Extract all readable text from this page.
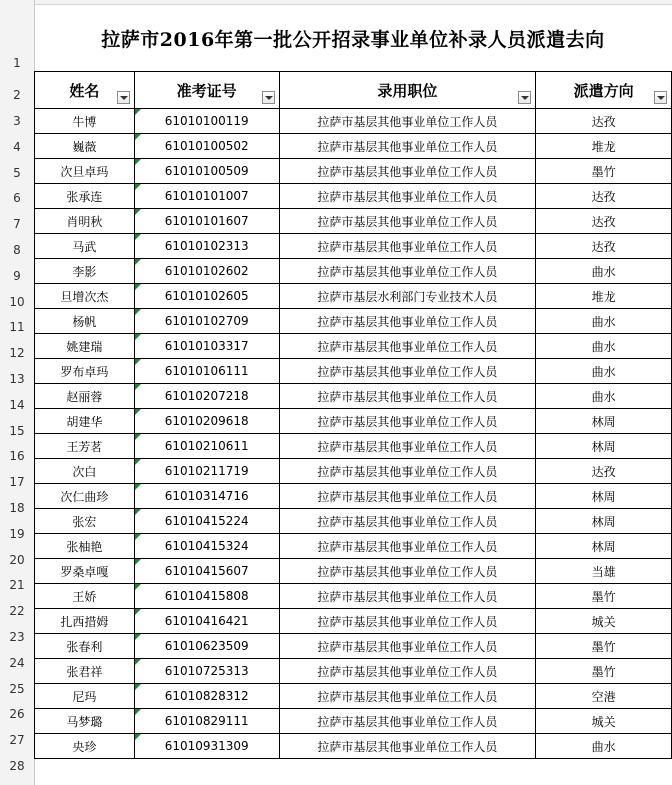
1
2
3
4
5
6
7
8
9
10
11
12
13
14
15
16
17
18
19
20
21
22
23
24
25
26
27
28
拉萨市2016年第一批公开招录事业单位补录人员派遣去向
姓名	准考证号	录用职位	派遣方向

牛博	61010100119	拉萨市基层其他事业单位工作人员	达孜
巍薇	61010100502	拉萨市基层其他事业单位工作人员	堆龙
次旦卓玛	61010100509	拉萨市基层其他事业单位工作人员	墨竹
张承连	61010101007	拉萨市基层其他事业单位工作人员	达孜
肖明秋	61010101607	拉萨市基层其他事业单位工作人员	达孜
马武	61010102313	拉萨市基层其他事业单位工作人员	达孜
李影	61010102602	拉萨市基层其他事业单位工作人员	曲水
旦增次杰	61010102605	拉萨市基层水利部门专业技术人员	堆龙
杨帆	61010102709	拉萨市基层其他事业单位工作人员	曲水
姚建瑞	61010103317	拉萨市基层其他事业单位工作人员	曲水
罗布卓玛	61010106111	拉萨市基层其他事业单位工作人员	曲水
赵丽蓉	61010207218	拉萨市基层其他事业单位工作人员	曲水
胡建华	61010209618	拉萨市基层其他事业单位工作人员	林周
王芳茗	61010210611	拉萨市基层其他事业单位工作人员	林周
次白	61010211719	拉萨市基层其他事业单位工作人员	达孜
次仁曲珍	61010314716	拉萨市基层其他事业单位工作人员	林周
张宏	61010415224	拉萨市基层其他事业单位工作人员	林周
张柚艳	61010415324	拉萨市基层其他事业单位工作人员	林周
罗桑卓嘎	61010415607	拉萨市基层其他事业单位工作人员	当雄
王娇	61010415808	拉萨市基层其他事业单位工作人员	墨竹
扎西措姆	61010416421	拉萨市基层其他事业单位工作人员	城关
张春利	61010623509	拉萨市基层其他事业单位工作人员	墨竹
张君祥	61010725313	拉萨市基层其他事业单位工作人员	墨竹
尼玛	61010828312	拉萨市基层其他事业单位工作人员	空港
马梦璐	61010829111	拉萨市基层其他事业单位工作人员	城关
央珍	61010931309	拉萨市基层其他事业单位工作人员	曲水
